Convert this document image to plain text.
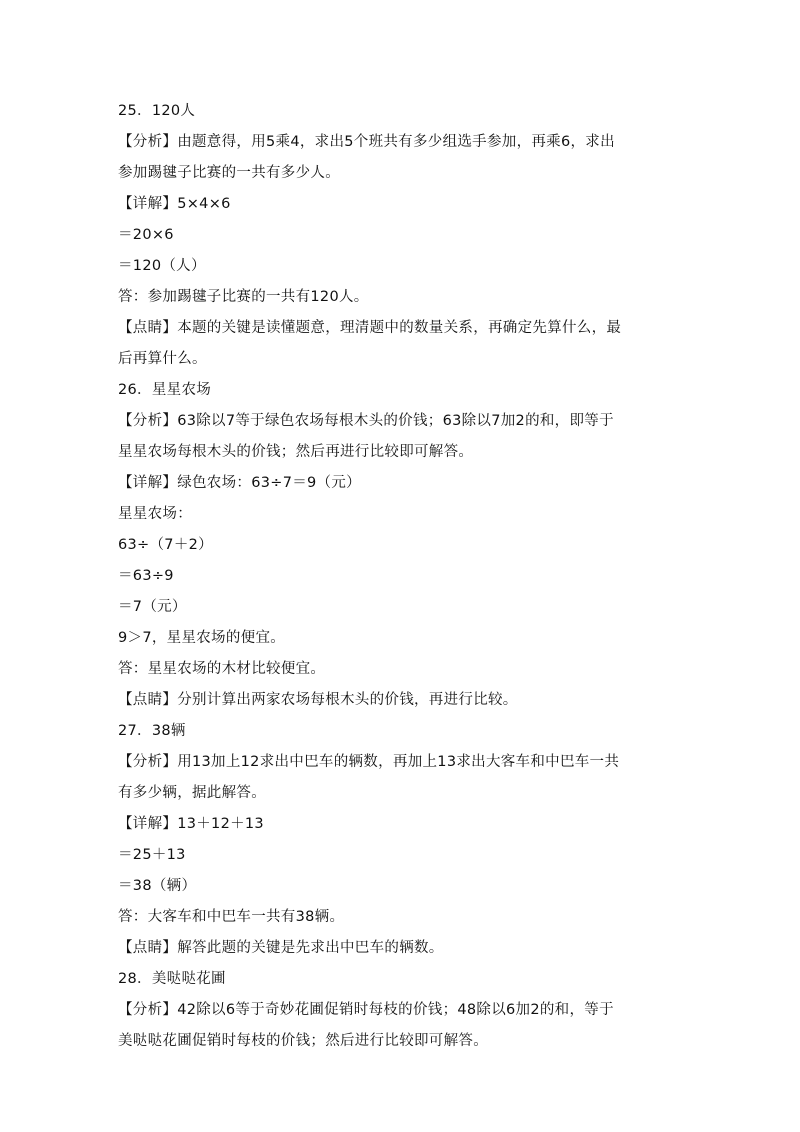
25．120人
【分析】由题意得，用5乘4，求出5个班共有多少组选手参加，再乘6，求出
参加踢毽子比赛的一共有多少人。
【详解】5×4×6
＝20×6
＝120（人）
答：参加踢毽子比赛的一共有120人。
【点睛】本题的关键是读懂题意，理清题中的数量关系，再确定先算什么，最
后再算什么。
26．星星农场
【分析】63除以7等于绿色农场每根木头的价钱；63除以7加2的和，即等于
星星农场每根木头的价钱；然后再进行比较即可解答。
【详解】绿色农场：63÷7＝9（元）
星星农场：
63÷（7＋2）
＝63÷9
＝7（元）
9＞7，星星农场的便宜。
答：星星农场的木材比较便宜。
【点睛】分别计算出两家农场每根木头的价钱，再进行比较。
27．38辆
【分析】用13加上12求出中巴车的辆数，再加上13求出大客车和中巴车一共
有多少辆，据此解答。
【详解】13＋12＋13
＝25＋13
＝38（辆）
答：大客车和中巴车一共有38辆。
【点睛】解答此题的关键是先求出中巴车的辆数。
28．美哒哒花圃
【分析】42除以6等于奇妙花圃促销时每枝的价钱；48除以6加2的和，等于
美哒哒花圃促销时每枝的价钱；然后进行比较即可解答。
